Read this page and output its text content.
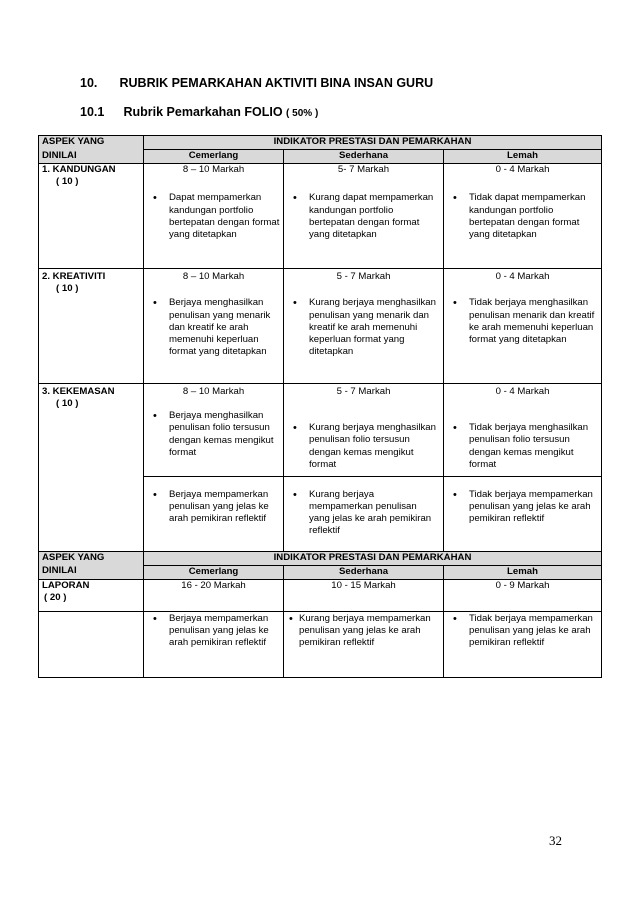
10. RUBRIK PEMARKAHAN AKTIVITI BINA INSAN GURU
10.1 Rubrik Pemarkahan FOLIO ( 50% )
ASPEK YANG	INDIKATOR PRESTASI DAN PEMARKAHAN		
DINILAI	Cemerlang	Sederhana	Lemah

1. KANDUNGAN
( 10 )	8 – 10 Markah	5- 7 Markah	0 - 4 Markah

	• Dapat mempamerkan kandungan portfolio bertepatan dengan format yang ditetapkan	• Kurang dapat mempamerkan kandungan portfolio bertepatan dengan format yang ditetapkan	• Tidak dapat mempamerkan kandungan portfolio bertepatan dengan format yang ditetapkan

2. KREATIVITI
( 10 )	8 – 10 Markah	5 - 7 Markah	0 - 4 Markah

	• Berjaya menghasilkan penulisan yang menarik dan kreatif ke arah memenuhi keperluan format yang ditetapkan	• Kurang berjaya menghasilkan penulisan yang menarik dan kreatif ke arah memenuhi keperluan format yang ditetapkan	• Tidak berjaya menghasilkan penulisan menarik dan kreatif ke arah memenuhi keperluan format yang ditetapkan

3. KEKEMASAN
( 10 )	8 – 10 Markah	5 - 7 Markah	0 - 4 Markah

	• Berjaya menghasilkan penulisan folio tersusun dengan kemas mengikut format	• Kurang berjaya menghasilkan penulisan folio tersusun dengan kemas mengikut format	• Tidak berjaya menghasilkan penulisan folio tersusun dengan kemas mengikut format

	• Berjaya mempamerkan penulisan yang jelas ke arah pemikiran reflektif	• Kurang berjaya mempamerkan penulisan yang jelas ke arah pemikiran reflektif	• Tidak berjaya mempamerkan penulisan yang jelas ke arah pemikiran reflektif

ASPEK YANG	INDIKATOR PRESTASI DAN PEMARKAHAN		
DINILAI	Cemerlang	Sederhana	Lemah

LAPORAN
( 20 )	16 - 20 Markah	10 - 15 Markah	0 - 9 Markah

	• Berjaya mempamerkan penulisan yang jelas ke arah pemikiran reflektif	• Kurang berjaya mempamerkan penulisan yang jelas ke arah pemikiran reflektif	• Tidak berjaya mempamerkan penulisan yang jelas ke arah pemikiran reflektif

32
